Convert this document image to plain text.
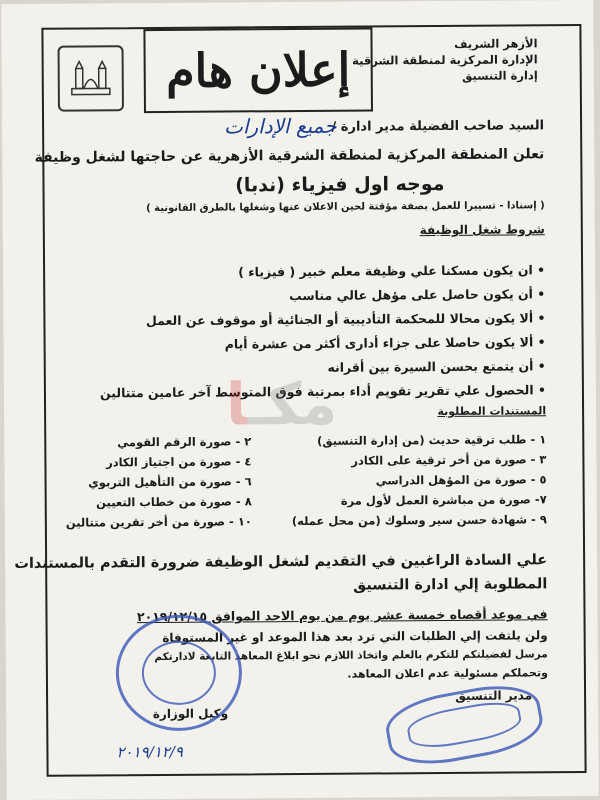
الأزهر الشريف
الإدارة المركزية لمنطقة الشرقية
إدارة التنسيق
إعلان هام
السيد صاحب الفضيلة مدير ادارة /
جميع الإدارات
تعلن المنطقة المركزية لمنطقة الشرقية الأزهرية عن حاجتها لشغل وظيفة
موجه اول فيزياء (ندبا)
( إسنادا - تسييرا للعمل بصفة مؤقتة لحين الاعلان عنها وشغلها بالطرق القانونية )
شروط شغل الوظيفة
• ان يكون مسكنا علي وظيفة معلم خبير ( فيزياء )
• أن يكون حاصل على مؤهل عالي مناسب
• ألا يكون محالا للمحكمة التأديبية أو الجنائية أو موقوف عن العمل
• ألا يكون حاصلا على جزاء أدارى أكثر من عشرة أيام
• أن يتمتع بحسن السيرة بين أقرانه
• الحصول علي تقرير تقويم أداء بمرتبة فوق المتوسط آخر عامين متتالين
مكـا	المستندات المطلوبة
١ - طلب ترقية حديث (من إدارة التنسيق)
٣ - صورة من أخر ترقية على الكادر
٥ - صورة من المؤهل الدراسي
٧- صورة من مباشرة العمل لأول مرة
٩ - شهادة حسن سير وسلوك (من محل عمله)
٢ - صورة الرقم القومي
٤ - صورة من اجتياز الكادر
٦ - صورة من التأهيل التربوي
٨ - صورة من خطاب التعيين
١٠ - صورة من أخر تقرين متتالين
علي السادة الراغبين في التقديم لشغل الوظيفة ضرورة التقدم بالمستندات
المطلوبة إلي ادارة التنسيق
في موعد أقصاه خمسة عشر يوم من يوم الاحد الموافق ٢٠١٩/١٢/١٥
ولن يلتفت إلي الطلبات التي ترد بعد هذا الموعد او غير المستوفاة
مرسل لفضيلتكم للتكرم بالعلم واتخاذ اللازم نحو ابلاغ المعاهد التابعة لادارتكم
وتحملكم مسئولية عدم اعلان المعاهد.
مدير التنسيق
وكيل الوزارة
٢٠١٩/١٢/٩
